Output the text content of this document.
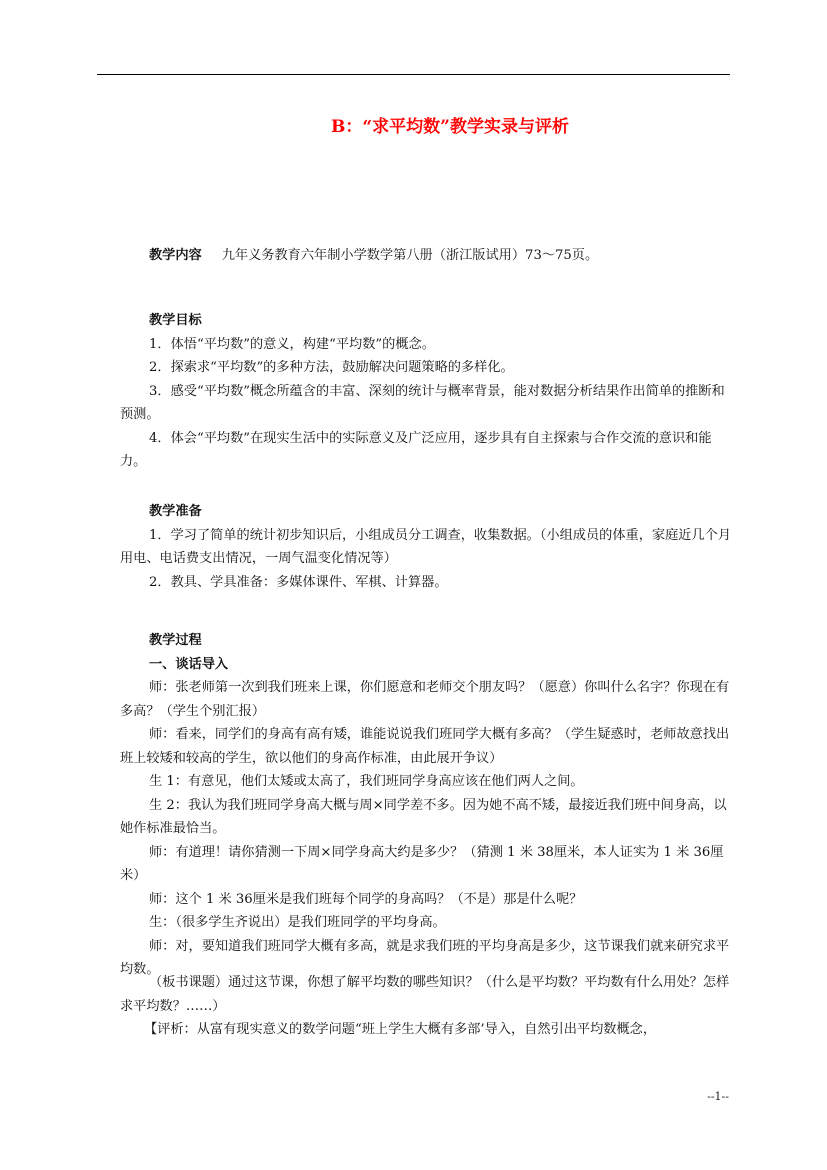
B：“求平均数”教学实录与评析

教学内容 九年义务教育六年制小学数学第八册（浙江版试用）73～75页。

教学目标

1．体悟“平均数”的意义，构建“平均数”的概念。

2．探索求“平均数”的多种方法，鼓励解决问题策略的多样化。

3．感受“平均数”概念所蕴含的丰富、深刻的统计与概率背景，能对数据分析结果作出简单的推断和预测。

4．体会“平均数”在现实生活中的实际意义及广泛应用，逐步具有自主探索与合作交流的意识和能力。

教学准备

1．学习了简单的统计初步知识后，小组成员分工调查，收集数据。（小组成员的体重，家庭近几个月用电、电话费支出情况，一周气温变化情况等）

2．教具、学具准备：多媒体课件、军棋、计算器。

教学过程

一、谈话导入

师：张老师第一次到我们班来上课，你们愿意和老师交个朋友吗？（愿意）你叫什么名字？你现在有多高？（学生个别汇报）

师：看来，同学们的身高有高有矮，谁能说说我们班同学大概有多高？（学生疑惑时，老师故意找出班上较矮和较高的学生，欲以他们的身高作标准，由此展开争议）

生 1：有意见，他们太矮或太高了，我们班同学身高应该在他们两人之间。

生 2：我认为我们班同学身高大概与周×同学差不多。因为她不高不矮，最接近我们班中间身高，以她作标准最恰当。

师：有道理！请你猜测一下周×同学身高大约是多少？（猜测 1 米 38厘米，本人证实为 1 米 36厘米）

师：这个 1 米 36厘米是我们班每个同学的身高吗？（不是）那是什么呢？

生：（很多学生齐说出）是我们班同学的平均身高。

师：对，要知道我们班同学大概有多高，就是求我们班的平均身高是多少，这节课我们就来研究求平均数。

（板书课题）通过这节课，你想了解平均数的哪些知识？（什么是平均数？平均数有什么用处？怎样求平均数？……）

【评析：从富有现实意义的数学问题“班上学生大概有多部’导入，自然引出平均数概念，

--1--
